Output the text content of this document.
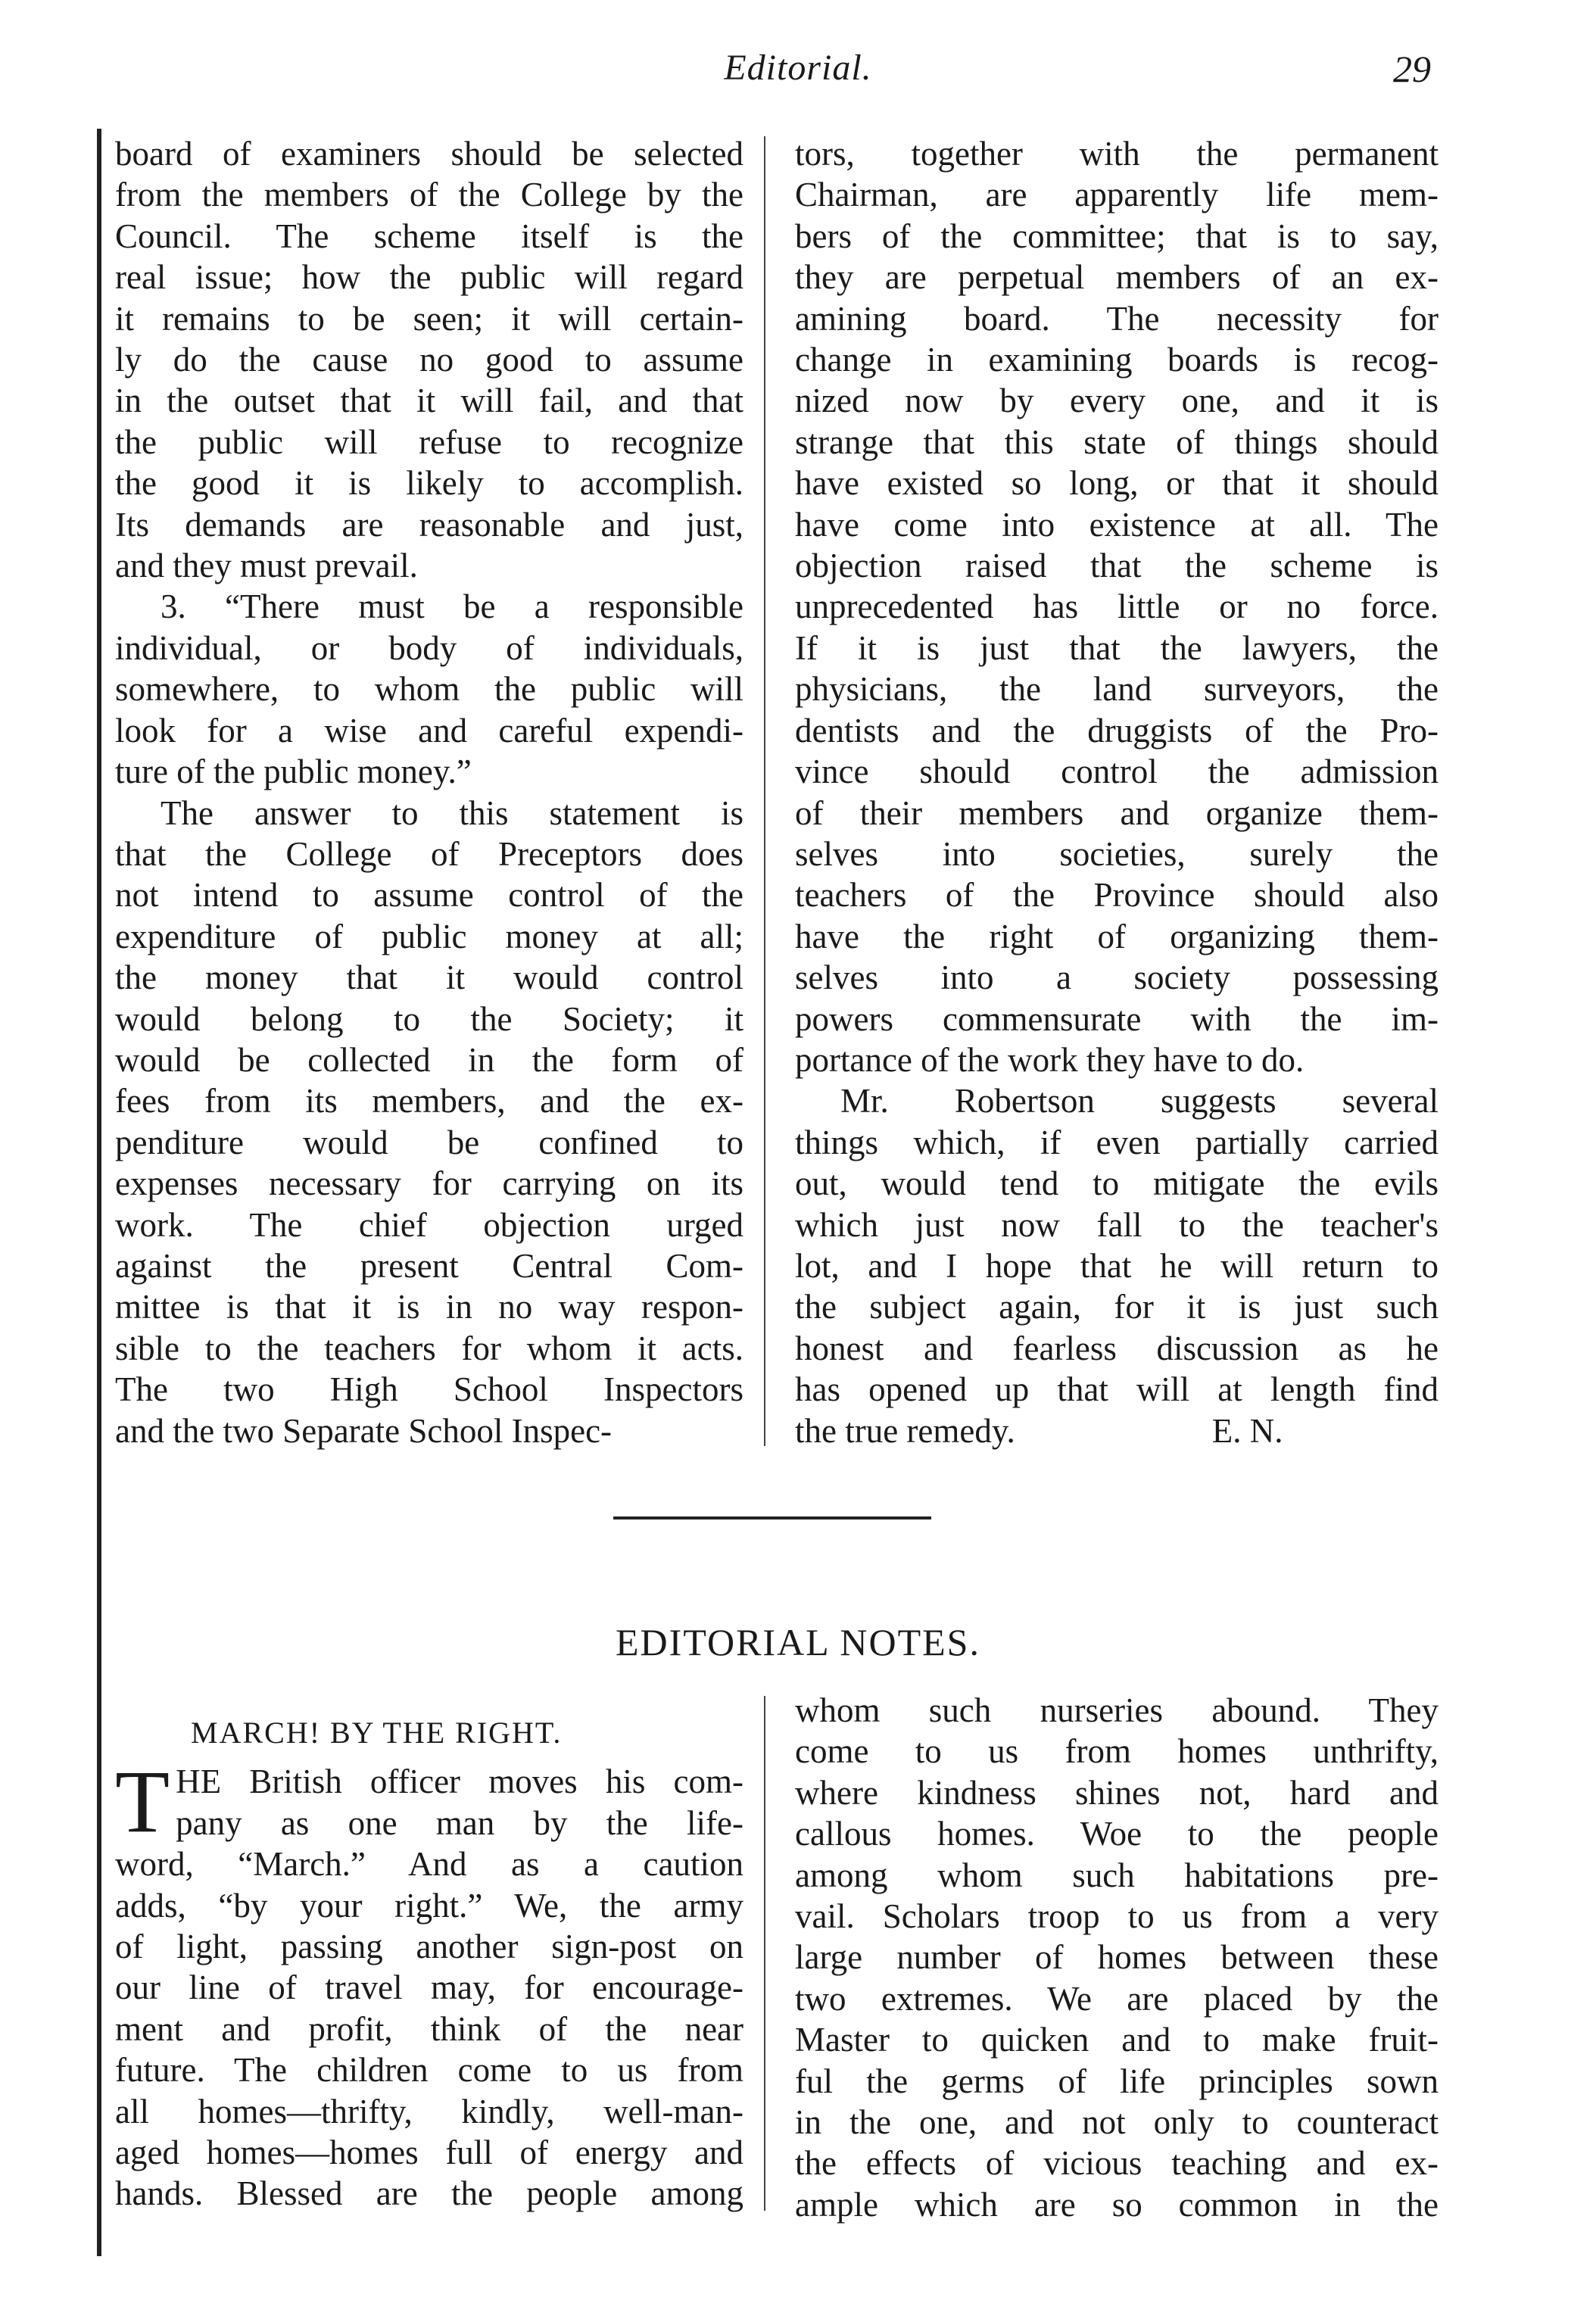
Editorial.	29
board of examiners should be selected
from the members of the College by the
Council. The scheme itself is the
real issue; how the public will regard
it remains to be seen; it will certain-
ly do the cause no good to assume
in the outset that it will fail, and that
the public will refuse to recognize
the good it is likely to accomplish.
Its demands are reasonable and just,
and they must prevail.
3. “There must be a responsible
individual, or body of individuals,
somewhere, to whom the public will
look for a wise and careful expendi-
ture of the public money.”
The answer to this statement is
that the College of Preceptors does
not intend to assume control of the
expenditure of public money at all;
the money that it would control
would belong to the Society; it
would be collected in the form of
fees from its members, and the ex-
penditure would be confined to
expenses necessary for carrying on its
work. The chief objection urged
against the present Central Com-
mittee is that it is in no way respon-
sible to the teachers for whom it acts.
The two High School Inspectors
and the two Separate School Inspec-
tors, together with the permanent
Chairman, are apparently life mem-
bers of the committee; that is to say,
they are perpetual members of an ex-
amining board. The necessity for
change in examining boards is recog-
nized now by every one, and it is
strange that this state of things should
have existed so long, or that it should
have come into existence at all. The
objection raised that the scheme is
unprecedented has little or no force.
If it is just that the lawyers, the
physicians, the land surveyors, the
dentists and the druggists of the Pro-
vince should control the admission
of their members and organize them-
selves into societies, surely the
teachers of the Province should also
have the right of organizing them-
selves into a society possessing
powers commensurate with the im-
portance of the work they have to do.
Mr. Robertson suggests several
things which, if even partially carried
out, would tend to mitigate the evils
which just now fall to the teacher's
lot, and I hope that he will return to
the subject again, for it is just such
honest and fearless discussion as he
has opened up that will at length find
the true remedy.	E. N.
EDITORIAL NOTES.
MARCH! BY THE RIGHT.
T HE British officer moves his com-
pany as one man by the life-
word, “March.” And as a caution
adds, “by your right.” We, the army
of light, passing another sign-post on
our line of travel may, for encourage-
ment and profit, think of the near
future. The children come to us from
all homes—thrifty, kindly, well-man-
aged homes—homes full of energy and
hands. Blessed are the people among
whom such nurseries abound. They
come to us from homes unthrifty,
where kindness shines not, hard and
callous homes. Woe to the people
among whom such habitations pre-
vail. Scholars troop to us from a very
large number of homes between these
two extremes. We are placed by the
Master to quicken and to make fruit-
ful the germs of life principles sown
in the one, and not only to counteract
the effects of vicious teaching and ex-
ample which are so common in the
